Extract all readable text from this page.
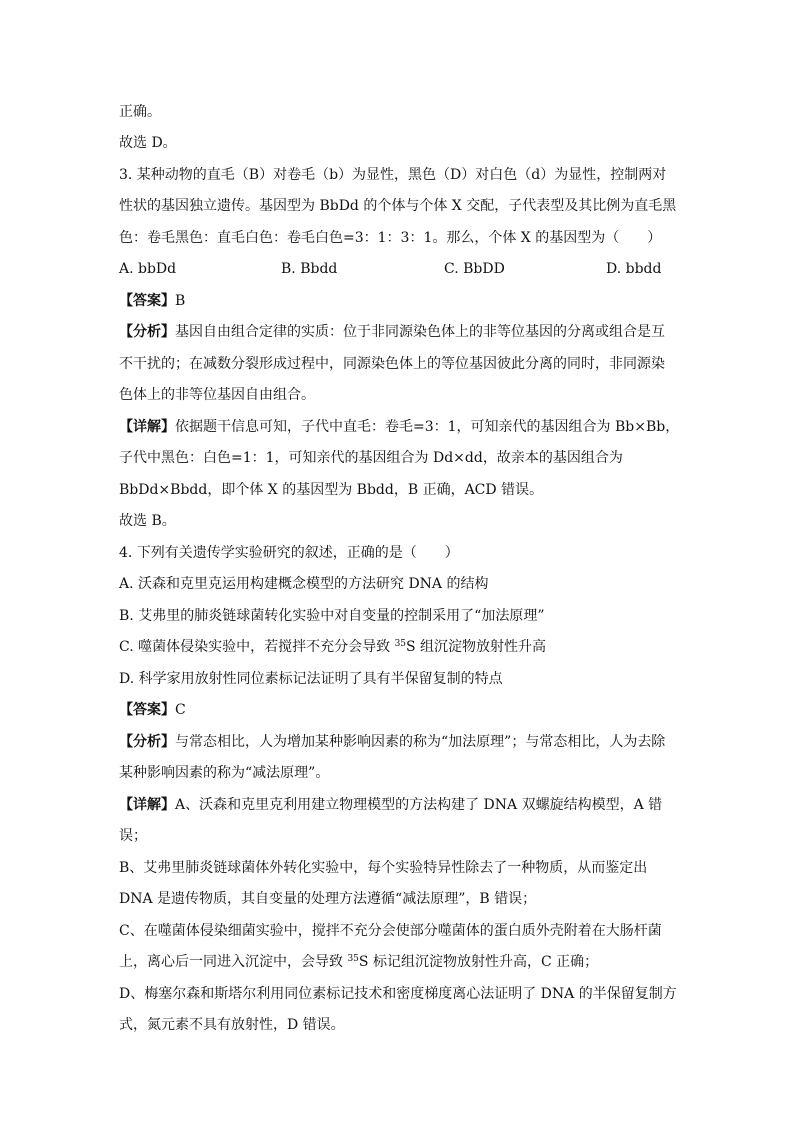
正确。
故选 D。
3. 某种动物的直毛（B）对卷毛（b）为显性，黑色（D）对白色（d）为显性，控制两对
性状的基因独立遗传。基因型为 BbDd 的个体与个体 X 交配，子代表型及其比例为直毛黑
色：卷毛黑色：直毛白色：卷毛白色=3：1：3：1。那么，个体 X 的基因型为（　　）
A. bbDd	B. Bbdd	C. BbDD	D. bbdd
【答案】B
【分析】基因自由组合定律的实质：位于非同源染色体上的非等位基因的分离或组合是互
不干扰的；在减数分裂形成过程中，同源染色体上的等位基因彼此分离的同时，非同源染
色体上的非等位基因自由组合。
【详解】依据题干信息可知，子代中直毛：卷毛=3：1，可知亲代的基因组合为 Bb×Bb，
子代中黑色：白色=1：1，可知亲代的基因组合为 Dd×dd，故亲本的基因组合为
BbDd×Bbdd，即个体 X 的基因型为 Bbdd，B 正确，ACD 错误。
故选 B。
4. 下列有关遗传学实验研究的叙述，正确的是（　　）
A. 沃森和克里克运用构建概念模型的方法研究 DNA 的结构
B. 艾弗里的肺炎链球菌转化实验中对自变量的控制采用了“加法原理”
C. 噬菌体侵染实验中，若搅拌不充分会导致 $^{35}$S 组沉淀物放射性升高
D. 科学家用放射性同位素标记法证明了具有半保留复制的特点
【答案】C
【分析】与常态相比，人为增加某种影响因素的称为“加法原理”；与常态相比，人为去除
某种影响因素的称为“减法原理”。
【详解】A、沃森和克里克利用建立物理模型的方法构建了 DNA 双螺旋结构模型，A 错
误；
B、艾弗里肺炎链球菌体外转化实验中，每个实验特异性除去了一种物质，从而鉴定出
DNA 是遗传物质，其自变量的处理方法遵循“减法原理”，B 错误；
C、在噬菌体侵染细菌实验中，搅拌不充分会使部分噬菌体的蛋白质外壳附着在大肠杆菌
上，离心后一同进入沉淀中，会导致 $^{35}$S 标记组沉淀物放射性升高，C 正确；
D、梅塞尔森和斯塔尔利用同位素标记技术和密度梯度离心法证明了 DNA 的半保留复制方
式，氮元素不具有放射性，D 错误。
